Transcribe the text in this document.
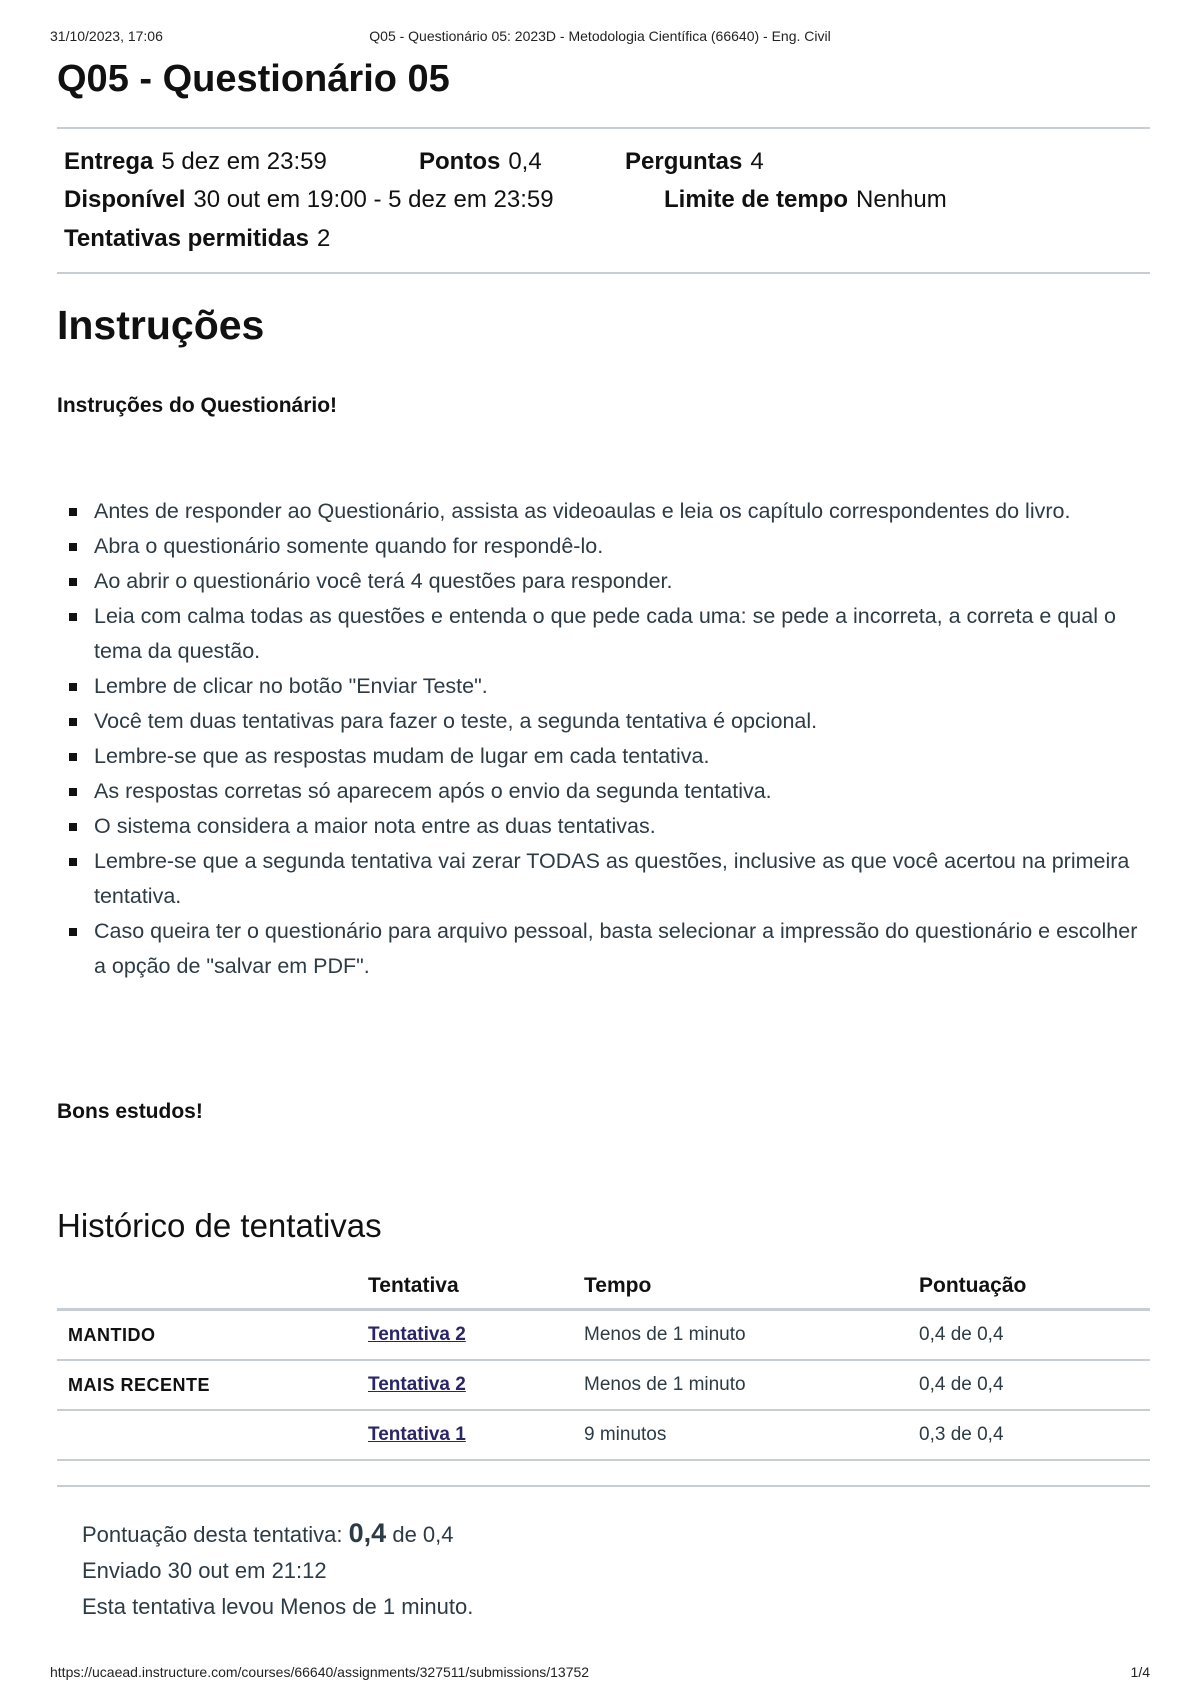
31/10/2023, 17:06	Q05 - Questionário 05: 2023D - Metodologia Científica (66640) - Eng. Civil
Q05 - Questionário 05
Entrega 5 dez em 23:59	Pontos 0,4	Perguntas 4
Disponível 30 out em 19:00 - 5 dez em 23:59	Limite de tempo Nenhum
Tentativas permitidas 2
Instruções
Instruções do Questionário!
Antes de responder ao Questionário, assista as videoaulas e leia os capítulo correspondentes do livro.
Abra o questionário somente quando for respondê-lo.
Ao abrir o questionário você terá 4 questões para responder.
Leia com calma todas as questões e entenda o que pede cada uma: se pede a incorreta, a correta e qual o tema da questão.
Lembre de clicar no botão "Enviar Teste".
Você tem duas tentativas para fazer o teste, a segunda tentativa é opcional.
Lembre-se que as respostas mudam de lugar em cada tentativa.
As respostas corretas só aparecem após o envio da segunda tentativa.
O sistema considera a maior nota entre as duas tentativas.
Lembre-se que a segunda tentativa vai zerar TODAS as questões, inclusive as que você acertou na primeira tentativa.
Caso queira ter o questionário para arquivo pessoal, basta selecionar a impressão do questionário e escolher a opção de "salvar em PDF".
Bons estudos!
Histórico de tentativas
	Tentativa	Tempo	Pontuação
MANTIDO	Tentativa 2	Menos de 1 minuto	0,4 de 0,4
MAIS RECENTE	Tentativa 2	Menos de 1 minuto	0,4 de 0,4
	Tentativa 1	9 minutos	0,3 de 0,4
Pontuação desta tentativa: 0,4 de 0,4
Enviado 30 out em 21:12
Esta tentativa levou Menos de 1 minuto.
https://ucaead.instructure.com/courses/66640/assignments/327511/submissions/13752	1/4
